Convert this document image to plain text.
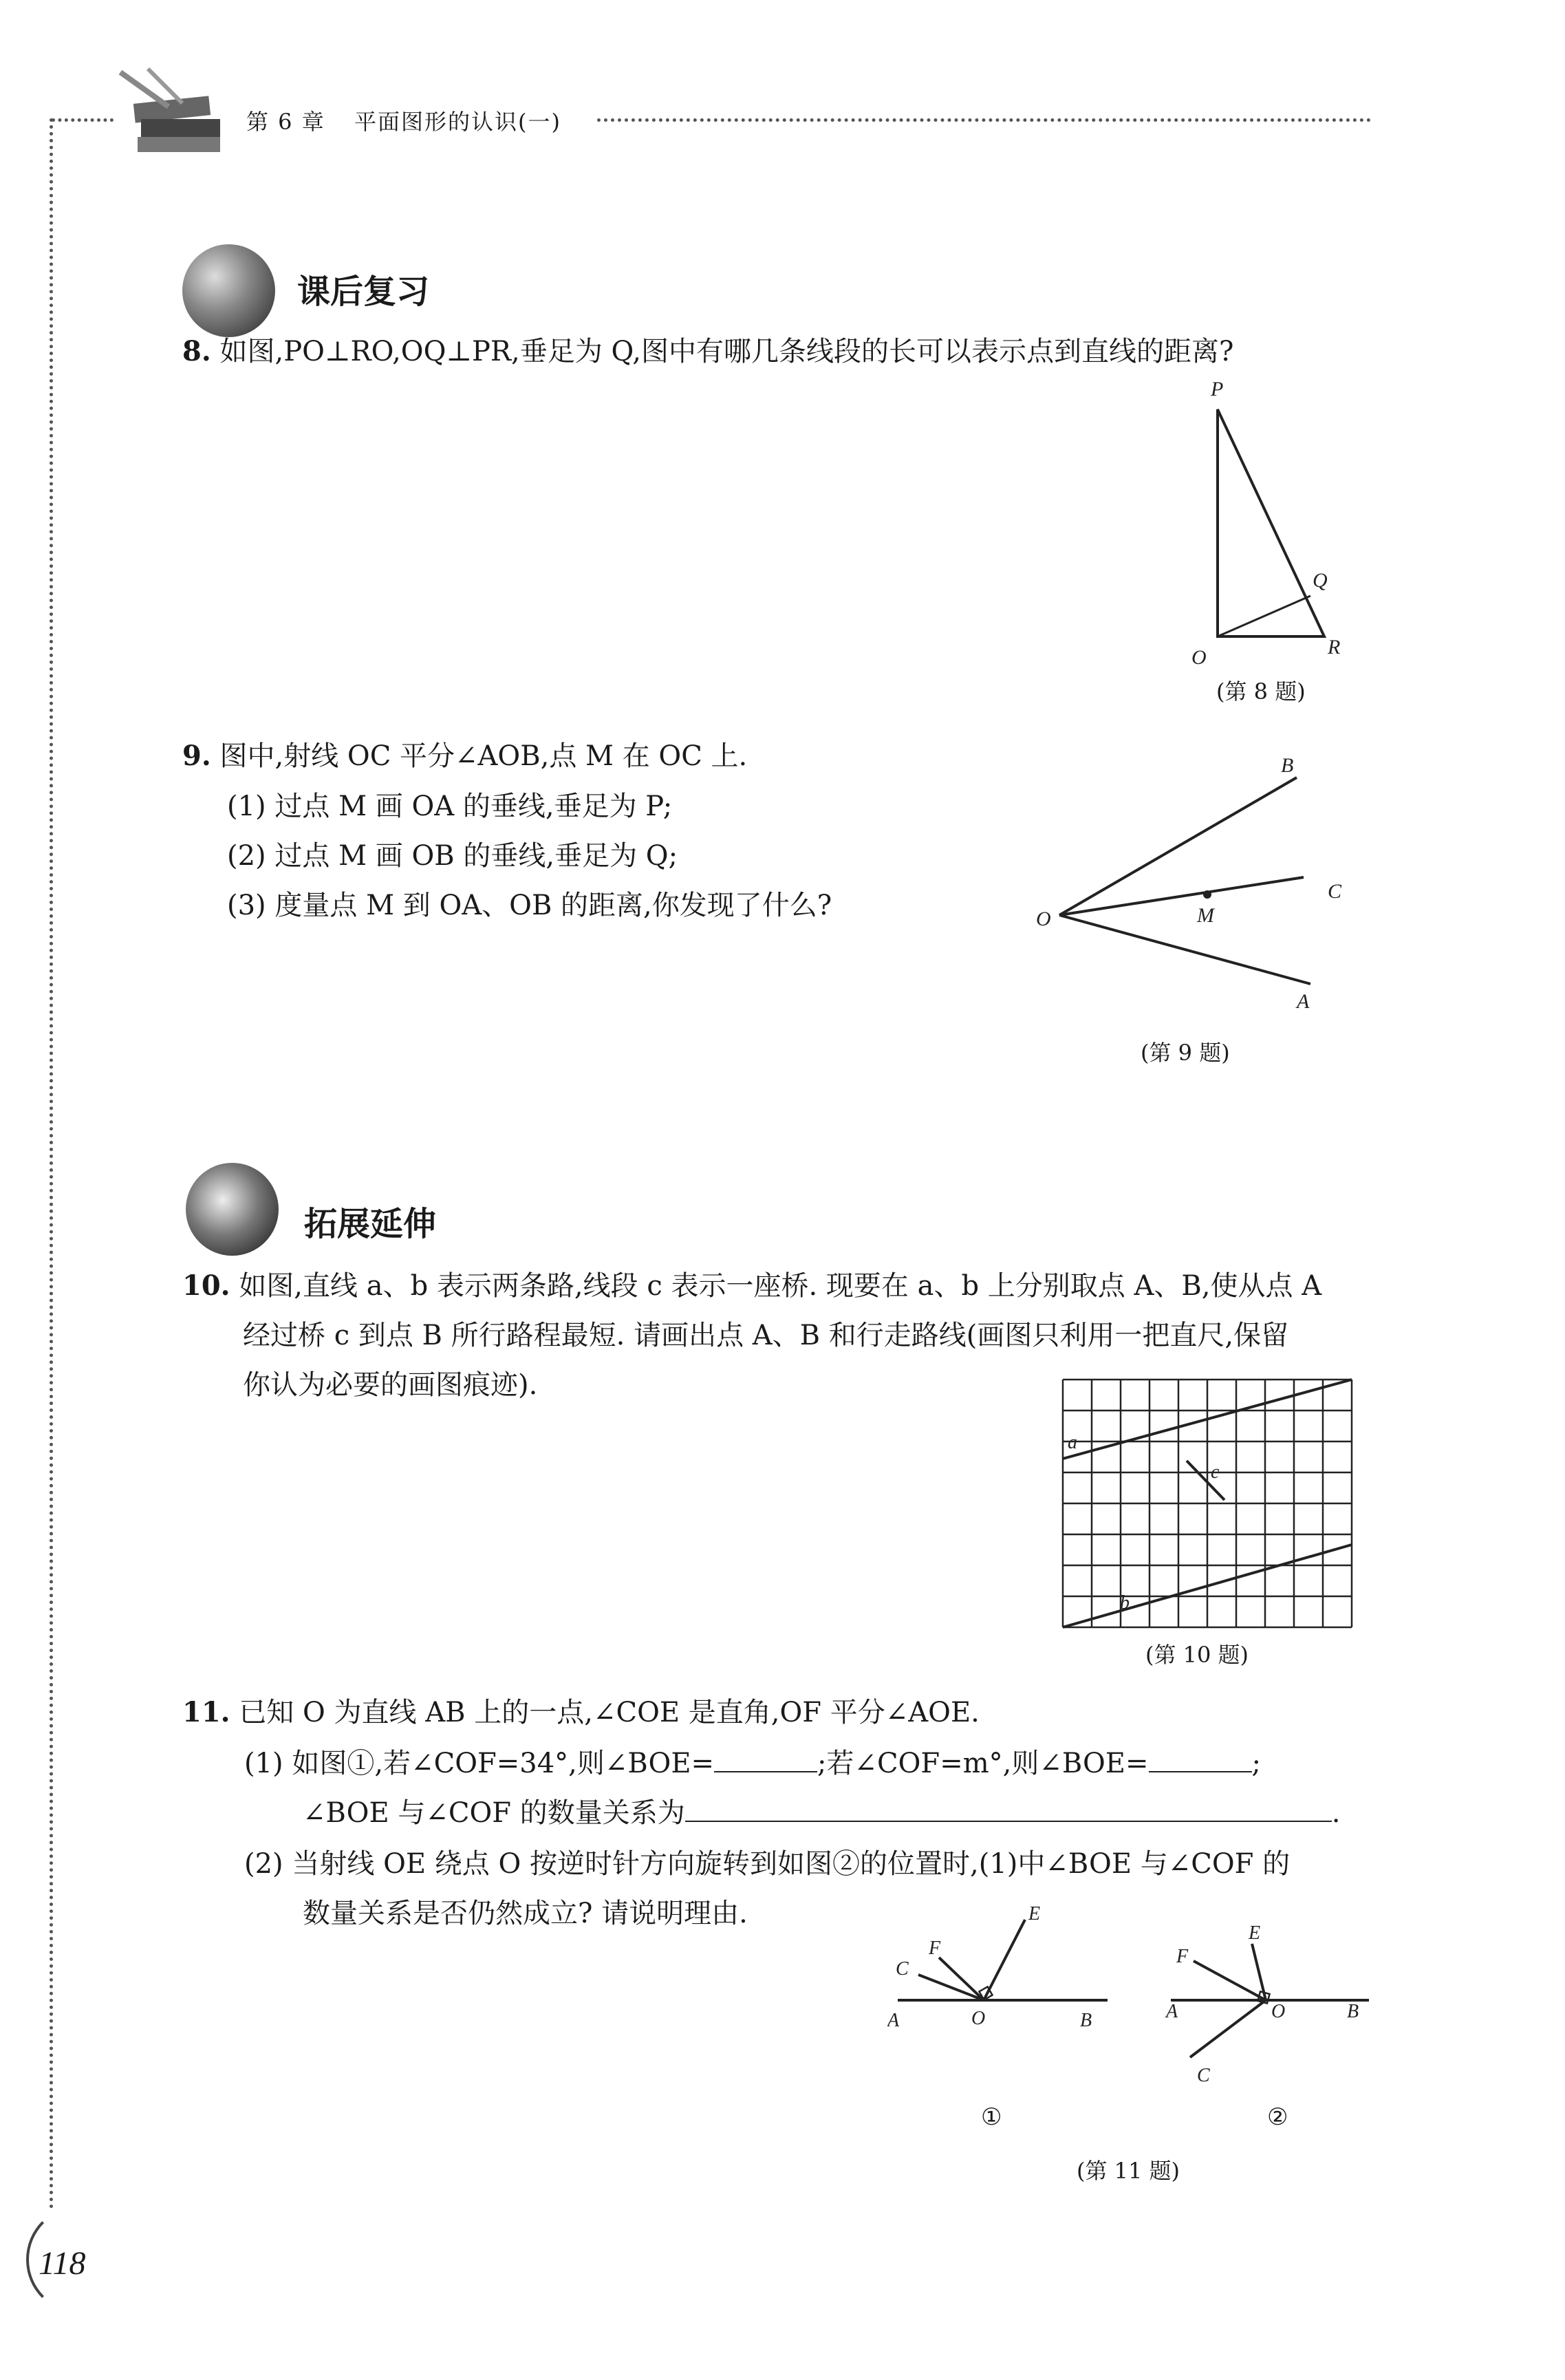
第 6 章 平面图形的认识(一)
课后复习
8. 如图,PO⊥RO,OQ⊥PR,垂足为 Q,图中有哪几条线段的长可以表示点到直线的距离?
P
Q
O	R
(第 8 题)
9. 图中,射线 OC 平分∠AOB,点 M 在 OC 上.
(1) 过点 M 画 OA 的垂线,垂足为 P;
(2) 过点 M 画 OB 的垂线,垂足为 Q;
(3) 度量点 M 到 OA、OB 的距离,你发现了什么?
B
O	M
C
A
(第 9 题)
拓展延伸
10. 如图,直线 a、b 表示两条路,线段 c 表示一座桥. 现要在 a、b 上分别取点 A、B,使从点 A
经过桥 c 到点 B 所行路程最短. 请画出点 A、B 和行走路线(画图只利用一把直尺,保留
你认为必要的画图痕迹).
a
c
b
(第 10 题)
11. 已知 O 为直线 AB 上的一点,∠COE 是直角,OF 平分∠AOE.
(1) 如图①,若∠COF=34°,则∠BOE=	;若∠COF=m°,则∠BOE=	;
∠BOE 与∠COF 的数量关系为	.
(2) 当射线 OE 绕点 O 按逆时针方向旋转到如图②的位置时,(1)中∠BOE 与∠COF 的
数量关系是否仍然成立? 请说明理由.	E
F
C
A	O	B
E
F
A	O	B
C
①	②
(第 11 题)
118
